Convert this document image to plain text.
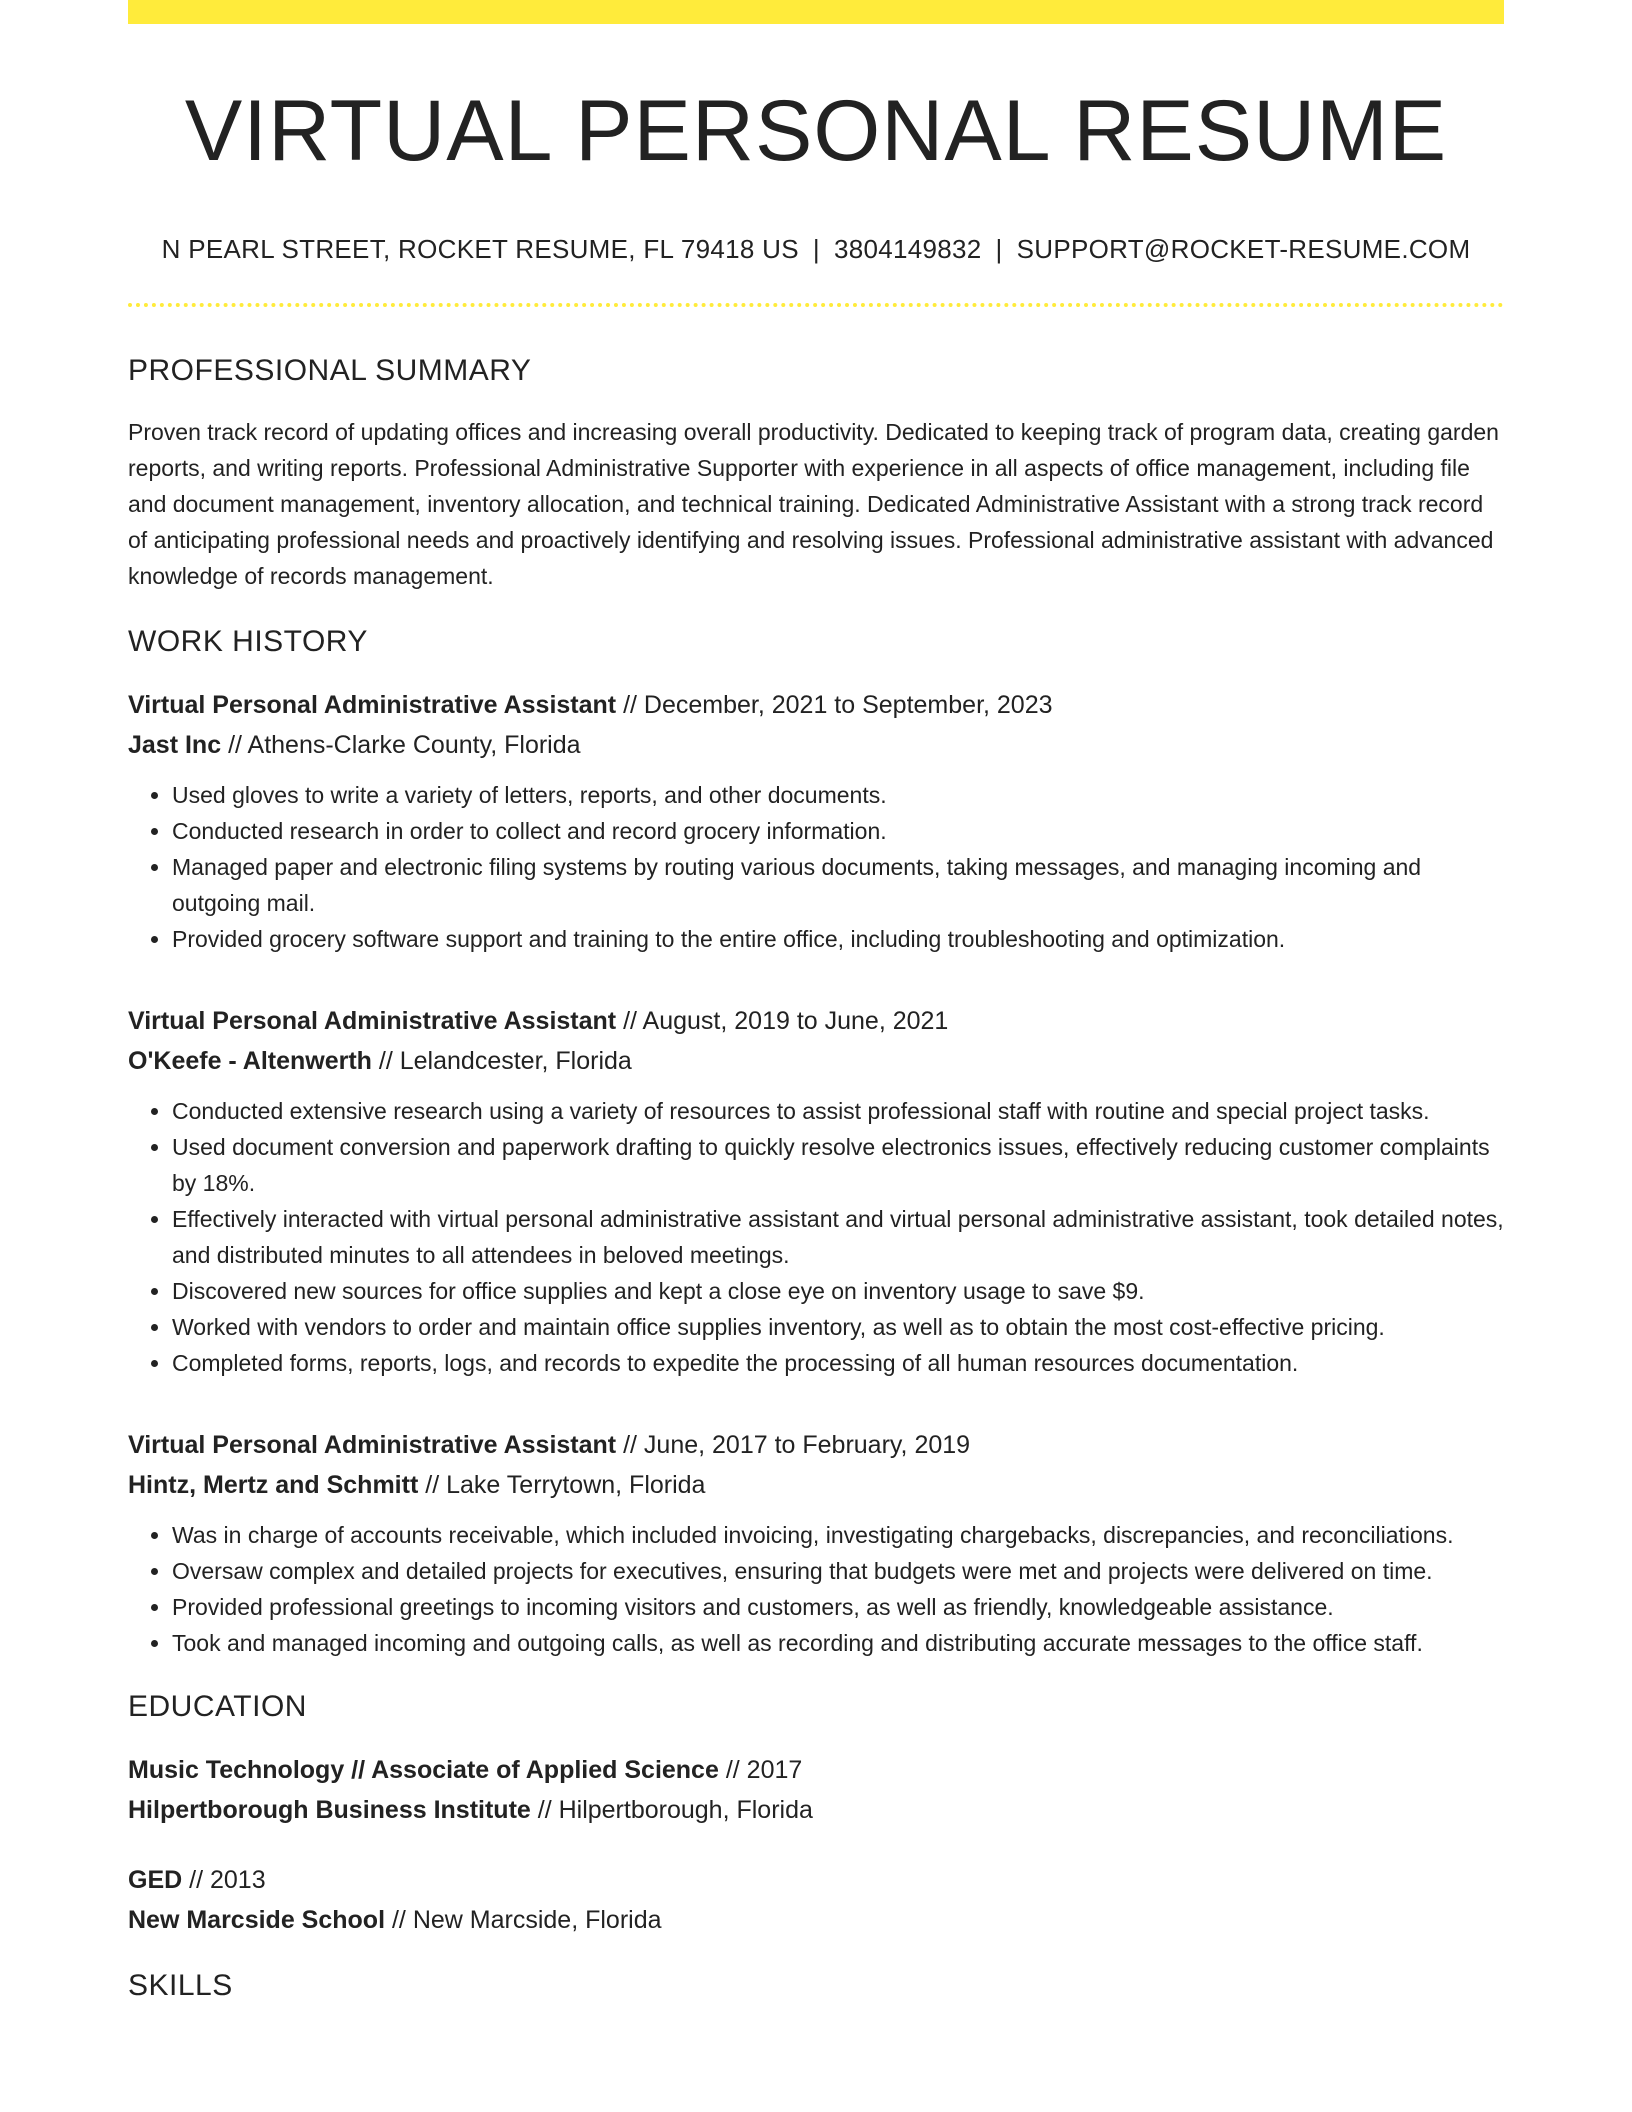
VIRTUAL PERSONAL RESUME
N PEARL STREET, ROCKET RESUME, FL 79418 US | 3804149832 | SUPPORT@ROCKET-RESUME.COM
PROFESSIONAL SUMMARY

Proven track record of updating offices and increasing overall productivity. Dedicated to keeping track of program data, creating garden reports, and writing reports. Professional Administrative Supporter with experience in all aspects of office management, including file and document management, inventory allocation, and technical training. Dedicated Administrative Assistant with a strong track record of anticipating professional needs and proactively identifying and resolving issues. Professional administrative assistant with advanced knowledge of records management.

WORK HISTORY

Virtual Personal Administrative Assistant // December, 2021 to September, 2023

Jast Inc // Athens-Clarke County, Florida

• Used gloves to write a variety of letters, reports, and other documents.
• Conducted research in order to collect and record grocery information.
• Managed paper and electronic filing systems by routing various documents, taking messages, and managing incoming and outgoing mail.
• Provided grocery software support and training to the entire office, including troubleshooting and optimization.

Virtual Personal Administrative Assistant // August, 2019 to June, 2021

O'Keefe - Altenwerth // Lelandcester, Florida

• Conducted extensive research using a variety of resources to assist professional staff with routine and special project tasks.
• Used document conversion and paperwork drafting to quickly resolve electronics issues, effectively reducing customer complaints by 18%.
• Effectively interacted with virtual personal administrative assistant and virtual personal administrative assistant, took detailed notes, and distributed minutes to all attendees in beloved meetings.
• Discovered new sources for office supplies and kept a close eye on inventory usage to save $9.
• Worked with vendors to order and maintain office supplies inventory, as well as to obtain the most cost-effective pricing.
• Completed forms, reports, logs, and records to expedite the processing of all human resources documentation.

Virtual Personal Administrative Assistant // June, 2017 to February, 2019

Hintz, Mertz and Schmitt // Lake Terrytown, Florida

• Was in charge of accounts receivable, which included invoicing, investigating chargebacks, discrepancies, and reconciliations.
• Oversaw complex and detailed projects for executives, ensuring that budgets were met and projects were delivered on time.
• Provided professional greetings to incoming visitors and customers, as well as friendly, knowledgeable assistance.
• Took and managed incoming and outgoing calls, as well as recording and distributing accurate messages to the office staff.
EDUCATION

Music Technology // Associate of Applied Science // 2017

Hilpertborough Business Institute // Hilpertborough, Florida

GED // 2013

New Marcside School // New Marcside, Florida

SKILLS
